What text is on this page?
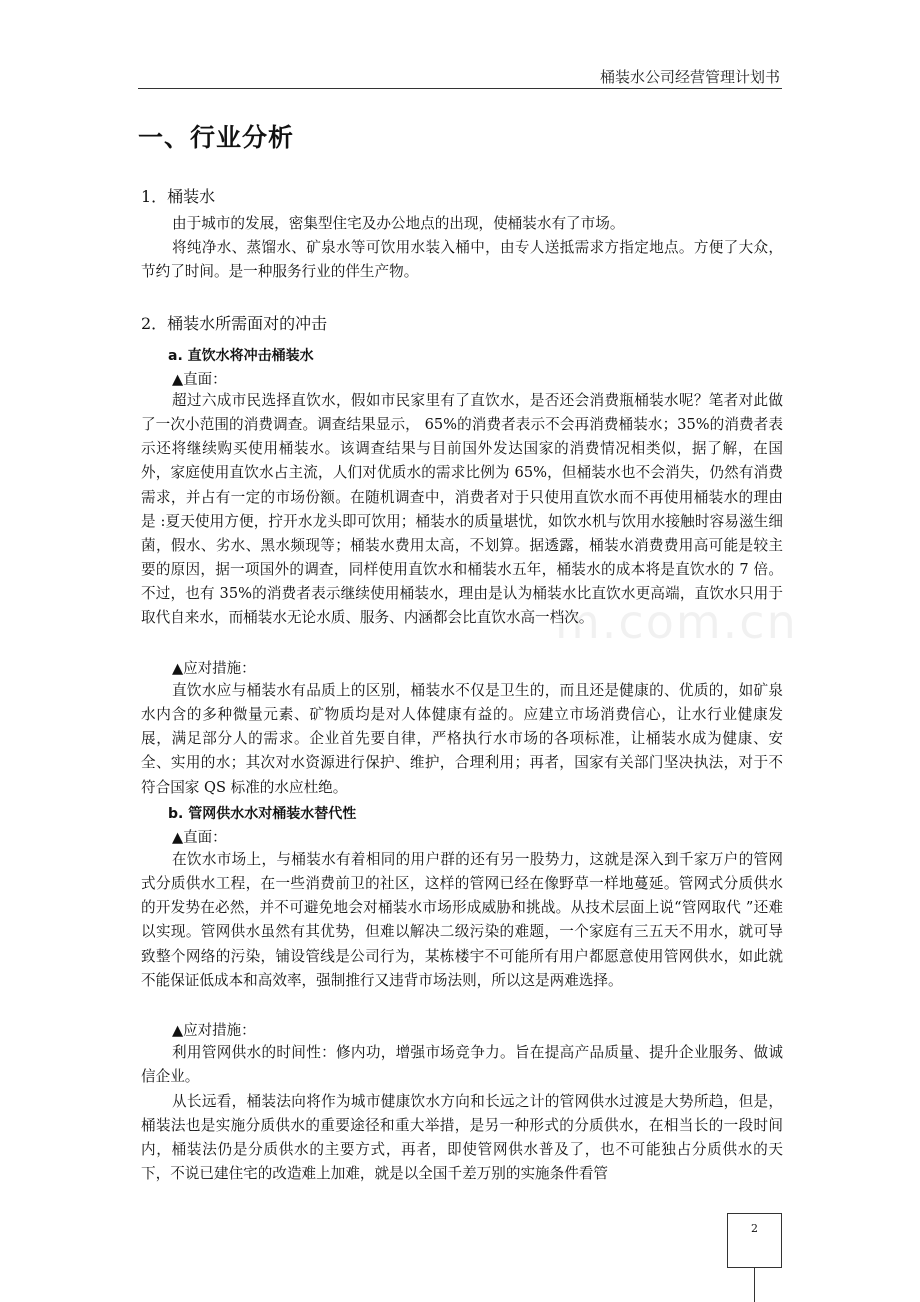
桶装水公司经营管理计划书
m.com.cn
一、行业分析
1．桶装水
由于城市的发展，密集型住宅及办公地点的出现，使桶装水有了市场。
将纯净水、蒸馏水、矿泉水等可饮用水装入桶中，由专人送抵需求方指定地点。方便了大众，节约了时间。是一种服务行业的伴生产物。
2．桶装水所需面对的冲击
a. 直饮水将冲击桶装水
▲直面：
超过六成市民选择直饮水，假如市民家里有了直饮水，是否还会消费瓶桶装水呢？笔者对此做了一次小范围的消费调查。调查结果显示， 65%的消费者表示不会再消费桶装水；35%的消费者表示还将继续购买使用桶装水。该调查结果与目前国外发达国家的消费情况相类似，据了解，在国外，家庭使用直饮水占主流，人们对优质水的需求比例为 65%，但桶装水也不会消失，仍然有消费需求，并占有一定的市场份额。在随机调查中，消费者对于只使用直饮水而不再使用桶装水的理由是 :夏天使用方便，拧开水龙头即可饮用；桶装水的质量堪忧，如饮水机与饮用水接触时容易滋生细菌，假水、劣水、黑水频现等；桶装水费用太高，不划算。据透露，桶装水消费费用高可能是较主要的原因，据一项国外的调查，同样使用直饮水和桶装水五年，桶装水的成本将是直饮水的 7 倍。不过，也有 35%的消费者表示继续使用桶装水，理由是认为桶装水比直饮水更高端，直饮水只用于取代自来水，而桶装水无论水质、服务、内涵都会比直饮水高一档次。
▲应对措施：
直饮水应与桶装水有品质上的区别，桶装水不仅是卫生的，而且还是健康的、优质的，如矿泉水内含的多种微量元素、矿物质均是对人体健康有益的。应建立市场消费信心，让水行业健康发展，满足部分人的需求。企业首先要自律，严格执行水市场的各项标准，让桶装水成为健康、安全、实用的水；其次对水资源进行保护、维护，合理利用；再者，国家有关部门坚决执法，对于不符合国家 QS 标准的水应杜绝。
b. 管网供水水对桶装水替代性
▲直面：
在饮水市场上，与桶装水有着相同的用户群的还有另一股势力，这就是深入到千家万户的管网式分质供水工程，在一些消费前卫的社区，这样的管网已经在像野草一样地蔓延。管网式分质供水的开发势在必然，并不可避免地会对桶装水市场形成威胁和挑战。从技术层面上说“管网取代 ”还难以实现。管网供水虽然有其优势，但难以解决二级污染的难题，一个家庭有三五天不用水，就可导致整个网络的污染，铺设管线是公司行为，某栋楼宇不可能所有用户都愿意使用管网供水，如此就不能保证低成本和高效率，强制推行又违背市场法则，所以这是两难选择。
▲应对措施：
利用管网供水的时间性：修内功，增强市场竞争力。旨在提高产品质量、提升企业服务、做诚信企业。
从长远看，桶装法向将作为城市健康饮水方向和长远之计的管网供水过渡是大势所趋，但是，桶装法也是实施分质供水的重要途径和重大举措，是另一种形式的分质供水，在相当长的一段时间内，桶装法仍是分质供水的主要方式，再者，即使管网供水普及了，也不可能独占分质供水的天下，不说已建住宅的改造难上加难，就是以全国千差万别的实施条件看管
2
